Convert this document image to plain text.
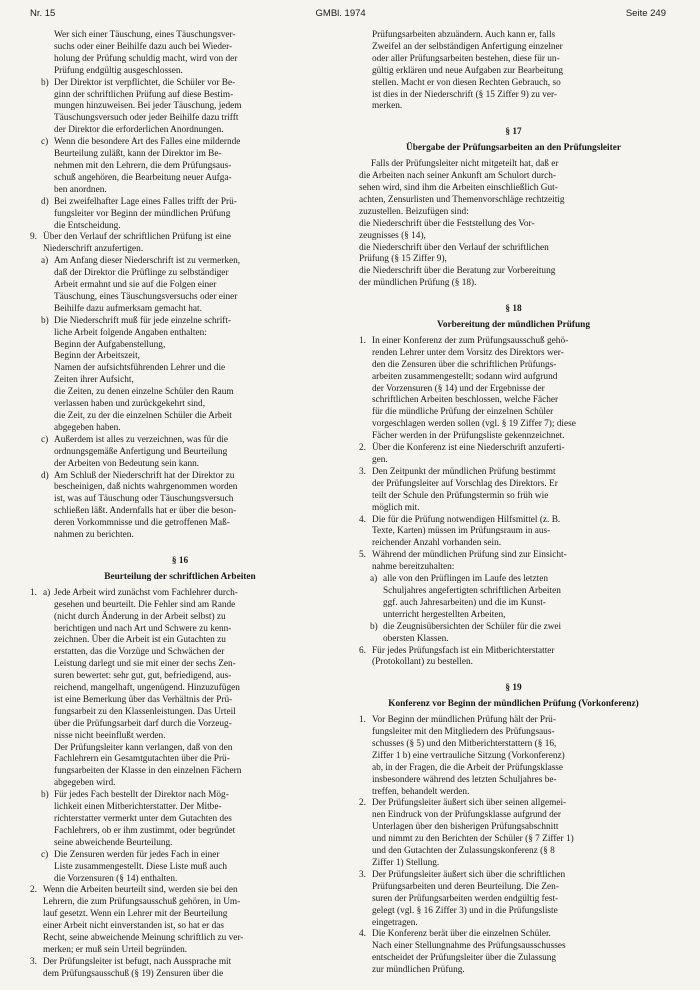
Nr. 15	GMBl. 1974	Seite 249
Wer sich einer Täuschung, eines Täuschungsver-
suchs oder einer Beihilfe dazu auch bei Wieder-
holung der Prüfung schuldig macht, wird von der
Prüfung endgültig ausgeschlossen.
b) Der Direktor ist verpflichtet, die Schüler vor Be-
ginn der schriftlichen Prüfung auf diese Bestim-
mungen hinzuweisen. Bei jeder Täuschung, jedem
Täuschungsversuch oder jeder Beihilfe dazu trifft
der Direktor die erforderlichen Anordnungen.
c) Wenn die besondere Art des Falles eine mildernde
Beurteilung zuläßt, kann der Direktor im Be-
nehmen mit den Lehrern, die dem Prüfungsaus-
schuß angehören, die Bearbeitung neuer Aufga-
ben anordnen.
d) Bei zweifelhafter Lage eines Falles trifft der Prü-
fungsleiter vor Beginn der mündlichen Prüfung
die Entscheidung.
9. Über den Verlauf der schriftlichen Prüfung ist eine
Niederschrift anzufertigen.
a) Am Anfang dieser Niederschrift ist zu vermerken,
daß der Direktor die Prüflinge zu selbständiger
Arbeit ermahnt und sie auf die Folgen einer
Täuschung, eines Täuschungsversuchs oder einer
Beihilfe dazu aufmerksam gemacht hat.
b) Die Niederschrift muß für jede einzelne schrift-
liche Arbeit folgende Angaben enthalten:
Beginn der Aufgabenstellung,
Beginn der Arbeitszeit,
Namen der aufsichtsführenden Lehrer und die
Zeiten ihrer Aufsicht,
die Zeiten, zu denen einzelne Schüler den Raum
verlassen haben und zurückgekehrt sind,
die Zeit, zu der die einzelnen Schüler die Arbeit
abgegeben haben.
c) Außerdem ist alles zu verzeichnen, was für die
ordnungsgemäße Anfertigung und Beurteilung
der Arbeiten von Bedeutung sein kann.
d) Am Schluß der Niederschrift hat der Direktor zu
bescheinigen, daß nichts wahrgenommen worden
ist, was auf Täuschung oder Täuschungsversuch
schließen läßt. Andernfalls hat er über die beson-
deren Vorkommnisse und die getroffenen Maß-
nahmen zu berichten.
§ 16
Beurteilung der schriftlichen Arbeiten
1. a) Jede Arbeit wird zunächst vom Fachlehrer durch-
gesehen und beurteilt. Die Fehler sind am Rande
(nicht durch Änderung in der Arbeit selbst) zu
berichtigen und nach Art und Schwere zu kenn-
zeichnen. Über die Arbeit ist ein Gutachten zu
erstatten, das die Vorzüge und Schwächen der
Leistung darlegt und sie mit einer der sechs Zen-
suren bewertet: sehr gut, gut, befriedigend, aus-
reichend, mangelhaft, ungenügend. Hinzuzufügen
ist eine Bemerkung über das Verhältnis der Prü-
fungsarbeit zu den Klassenleistungen. Das Urteil
über die Prüfungsarbeit darf durch die Vorzeug-
nisse nicht beeinflußt werden.
Der Prüfungsleiter kann verlangen, daß von den
Fachlehrern ein Gesamtgutachten über die Prü-
fungsarbeiten der Klasse in den einzelnen Fächern
abgegeben wird.
b) Für jedes Fach bestellt der Direktor nach Mög-
lichkeit einen Mitberichterstatter. Der Mitbe-
richterstatter vermerkt unter dem Gutachten des
Fachlehrers, ob er ihm zustimmt, oder begründet
seine abweichende Beurteilung.
c) Die Zensuren werden für jedes Fach in einer
Liste zusammengestellt. Diese Liste muß auch
die Vorzensuren (§ 14) enthalten.
2. Wenn die Arbeiten beurteilt sind, werden sie bei den
Lehrern, die zum Prüfungsausschuß gehören, in Um-
lauf gesetzt. Wenn ein Lehrer mit der Beurteilung
einer Arbeit nicht einverstanden ist, so hat er das
Recht, seine abweichende Meinung schriftlich zu ver-
merken; er muß sein Urteil begründen.
3. Der Prüfungsleiter ist befugt, nach Aussprache mit
dem Prüfungsausschuß (§ 19) Zensuren über die
Prüfungsarbeiten abzuändern. Auch kann er, falls
Zweifel an der selbständigen Anfertigung einzelner
oder aller Prüfungsarbeiten bestehen, diese für un-
gültig erklären und neue Aufgaben zur Bearbeitung
stellen. Macht er von diesen Rechten Gebrauch, so
ist dies in der Niederschrift (§ 15 Ziffer 9) zu ver-
merken.
§ 17
Übergabe der Prüfungsarbeiten an den Prüfungsleiter
Falls der Prüfungsleiter nicht mitgeteilt hat, daß er
die Arbeiten nach seiner Ankunft am Schulort durch-
sehen wird, sind ihm die Arbeiten einschließlich Gut-
achten, Zensurlisten und Themenvorschläge rechtzeitig
zuzustellen. Beizufügen sind:
die Niederschrift über die Feststellung des Vor-
zeugnisses (§ 14),
die Niederschrift über den Verlauf der schriftlichen
Prüfung (§ 15 Ziffer 9),
die Niederschrift über die Beratung zur Vorbereitung
der mündlichen Prüfung (§ 18).
§ 18
Vorbereitung der mündlichen Prüfung
1. In einer Konferenz der zum Prüfungsausschuß gehö-
renden Lehrer unter dem Vorsitz des Direktors wer-
den die Zensuren über die schriftlichen Prüfungs-
arbeiten zusammengestellt; sodann wird aufgrund
der Vorzensuren (§ 14) und der Ergebnisse der
schriftlichen Arbeiten beschlossen, welche Fächer
für die mündliche Prüfung der einzelnen Schüler
vorgeschlagen werden sollen (vgl. § 19 Ziffer 7); diese
Fächer werden in der Prüfungsliste gekennzeichnet.
2. Über die Konferenz ist eine Niederschrift anzuferti-
gen.
3. Den Zeitpunkt der mündlichen Prüfung bestimmt
der Prüfungsleiter auf Vorschlag des Direktors. Er
teilt der Schule den Prüfungstermin so früh wie
möglich mit.
4. Die für die Prüfung notwendigen Hilfsmittel (z. B.
Texte, Karten) müssen im Prüfungsraum in aus-
reichender Anzahl vorhanden sein.
5. Während der mündlichen Prüfung sind zur Einsicht-
nahme bereitzuhalten:
a) alle von den Prüflingen im Laufe des letzten
Schuljahres angefertigten schriftlichen Arbeiten
ggf. auch Jahresarbeiten) und die im Kunst-
unterricht hergestellten Arbeiten,
b) die Zeugnisübersichten der Schüler für die zwei
obersten Klassen.
6. Für jedes Prüfungsfach ist ein Mitberichterstatter
(Protokollant) zu bestellen.
§ 19
Konferenz vor Beginn der mündlichen Prüfung (Vorkonferenz)
1. Vor Beginn der mündlichen Prüfung hält der Prü-
fungsleiter mit den Mitgliedern des Prüfungsaus-
schusses (§ 5) und den Mitberichterstattern (§ 16,
Ziffer 1 b) eine vertrauliche Sitzung (Vorkonferenz)
ab, in der Fragen, die die Arbeit der Prüfungsklasse
insbesondere während des letzten Schuljahres be-
treffen, behandelt werden.
2. Der Prüfungsleiter äußert sich über seinen allgemei-
nen Eindruck von der Prüfungsklasse aufgrund der
Unterlagen über den bisherigen Prüfungsabschnitt
und nimmt zu den Berichten der Schüler (§ 7 Ziffer 1)
und den Gutachten der Zulassungskonferenz (§ 8
Ziffer 1) Stellung.
3. Der Prüfungsleiter äußert sich über die schriftlichen
Prüfungsarbeiten und deren Beurteilung. Die Zen-
suren der Prüfungsarbeiten werden endgültig fest-
gelegt (vgl. § 16 Ziffer 3) und in die Prüfungsliste
eingetragen.
4. Die Konferenz berät über die einzelnen Schüler.
Nach einer Stellungnahme des Prüfungsausschusses
entscheidet der Prüfungsleiter über die Zulassung
zur mündlichen Prüfung.
